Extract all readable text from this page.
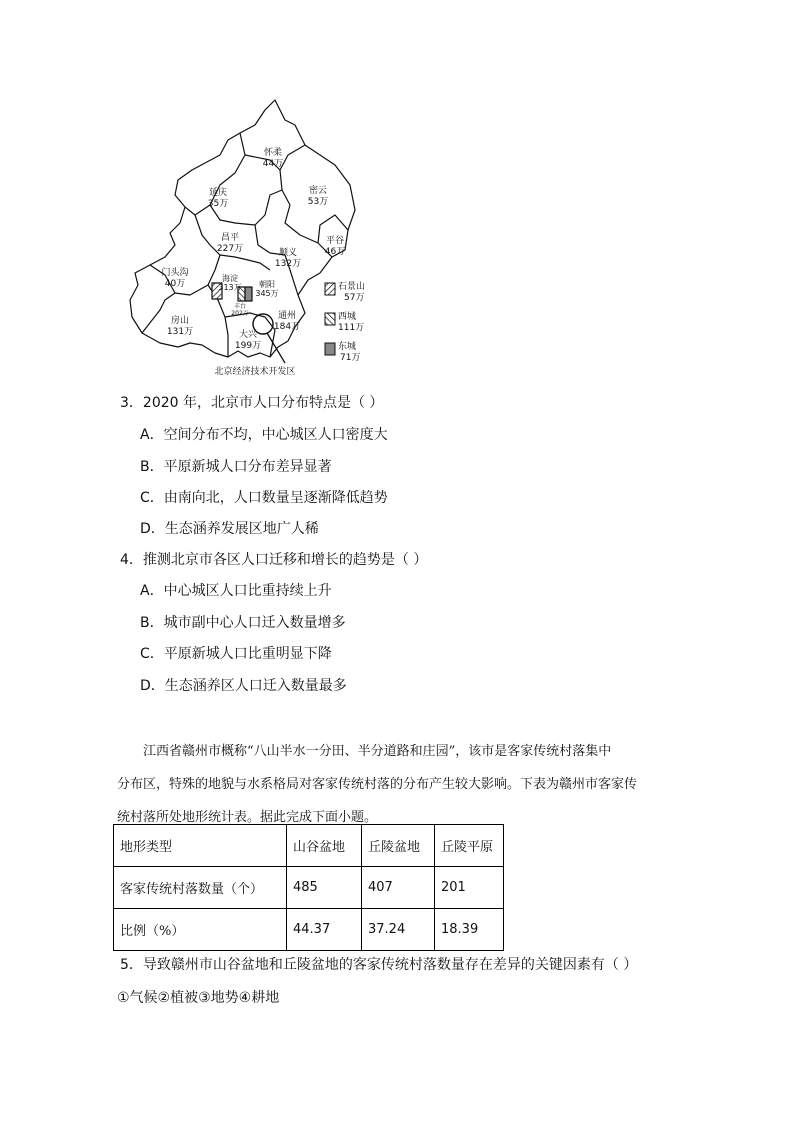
怀柔 44万
延庆 35万
密云 53万
昌平 227万
平谷 46万
顺义 132万
门头沟 40万
海淀 313万	朝阳 345万
丰台 202万	通州 184万
房山 131万	大兴 199万
石景山 57万
西城 111万
东城 71万
北京经济技术开发区
3．2020 年，北京市人口分布特点是（ ）
A．空间分布不均，中心城区人口密度大
B．平原新城人口分布差异显著
C．由南向北，人口数量呈逐渐降低趋势
D．生态涵养发展区地广人稀
4．推测北京市各区人口迁移和增长的趋势是（ ）
A．中心城区人口比重持续上升
B．城市副中心人口迁入数量增多
C．平原新城人口比重明显下降
D．生态涵养区人口迁入数量最多
江西省赣州市概称“八山半水一分田、半分道路和庄园”，该市是客家传统村落集中
分布区，特殊的地貌与水系格局对客家传统村落的分布产生较大影响。下表为赣州市客家传
统村落所处地形统计表。据此完成下面小题。
地形类型	山谷盆地	丘陵盆地	丘陵平原
客家传统村落数量（个）	485	407	201
比例（%）	44.37	37.24	18.39
5．导致赣州市山谷盆地和丘陵盆地的客家传统村落数量存在差异的关键因素有（ ）
①气候②植被③地势④耕地
